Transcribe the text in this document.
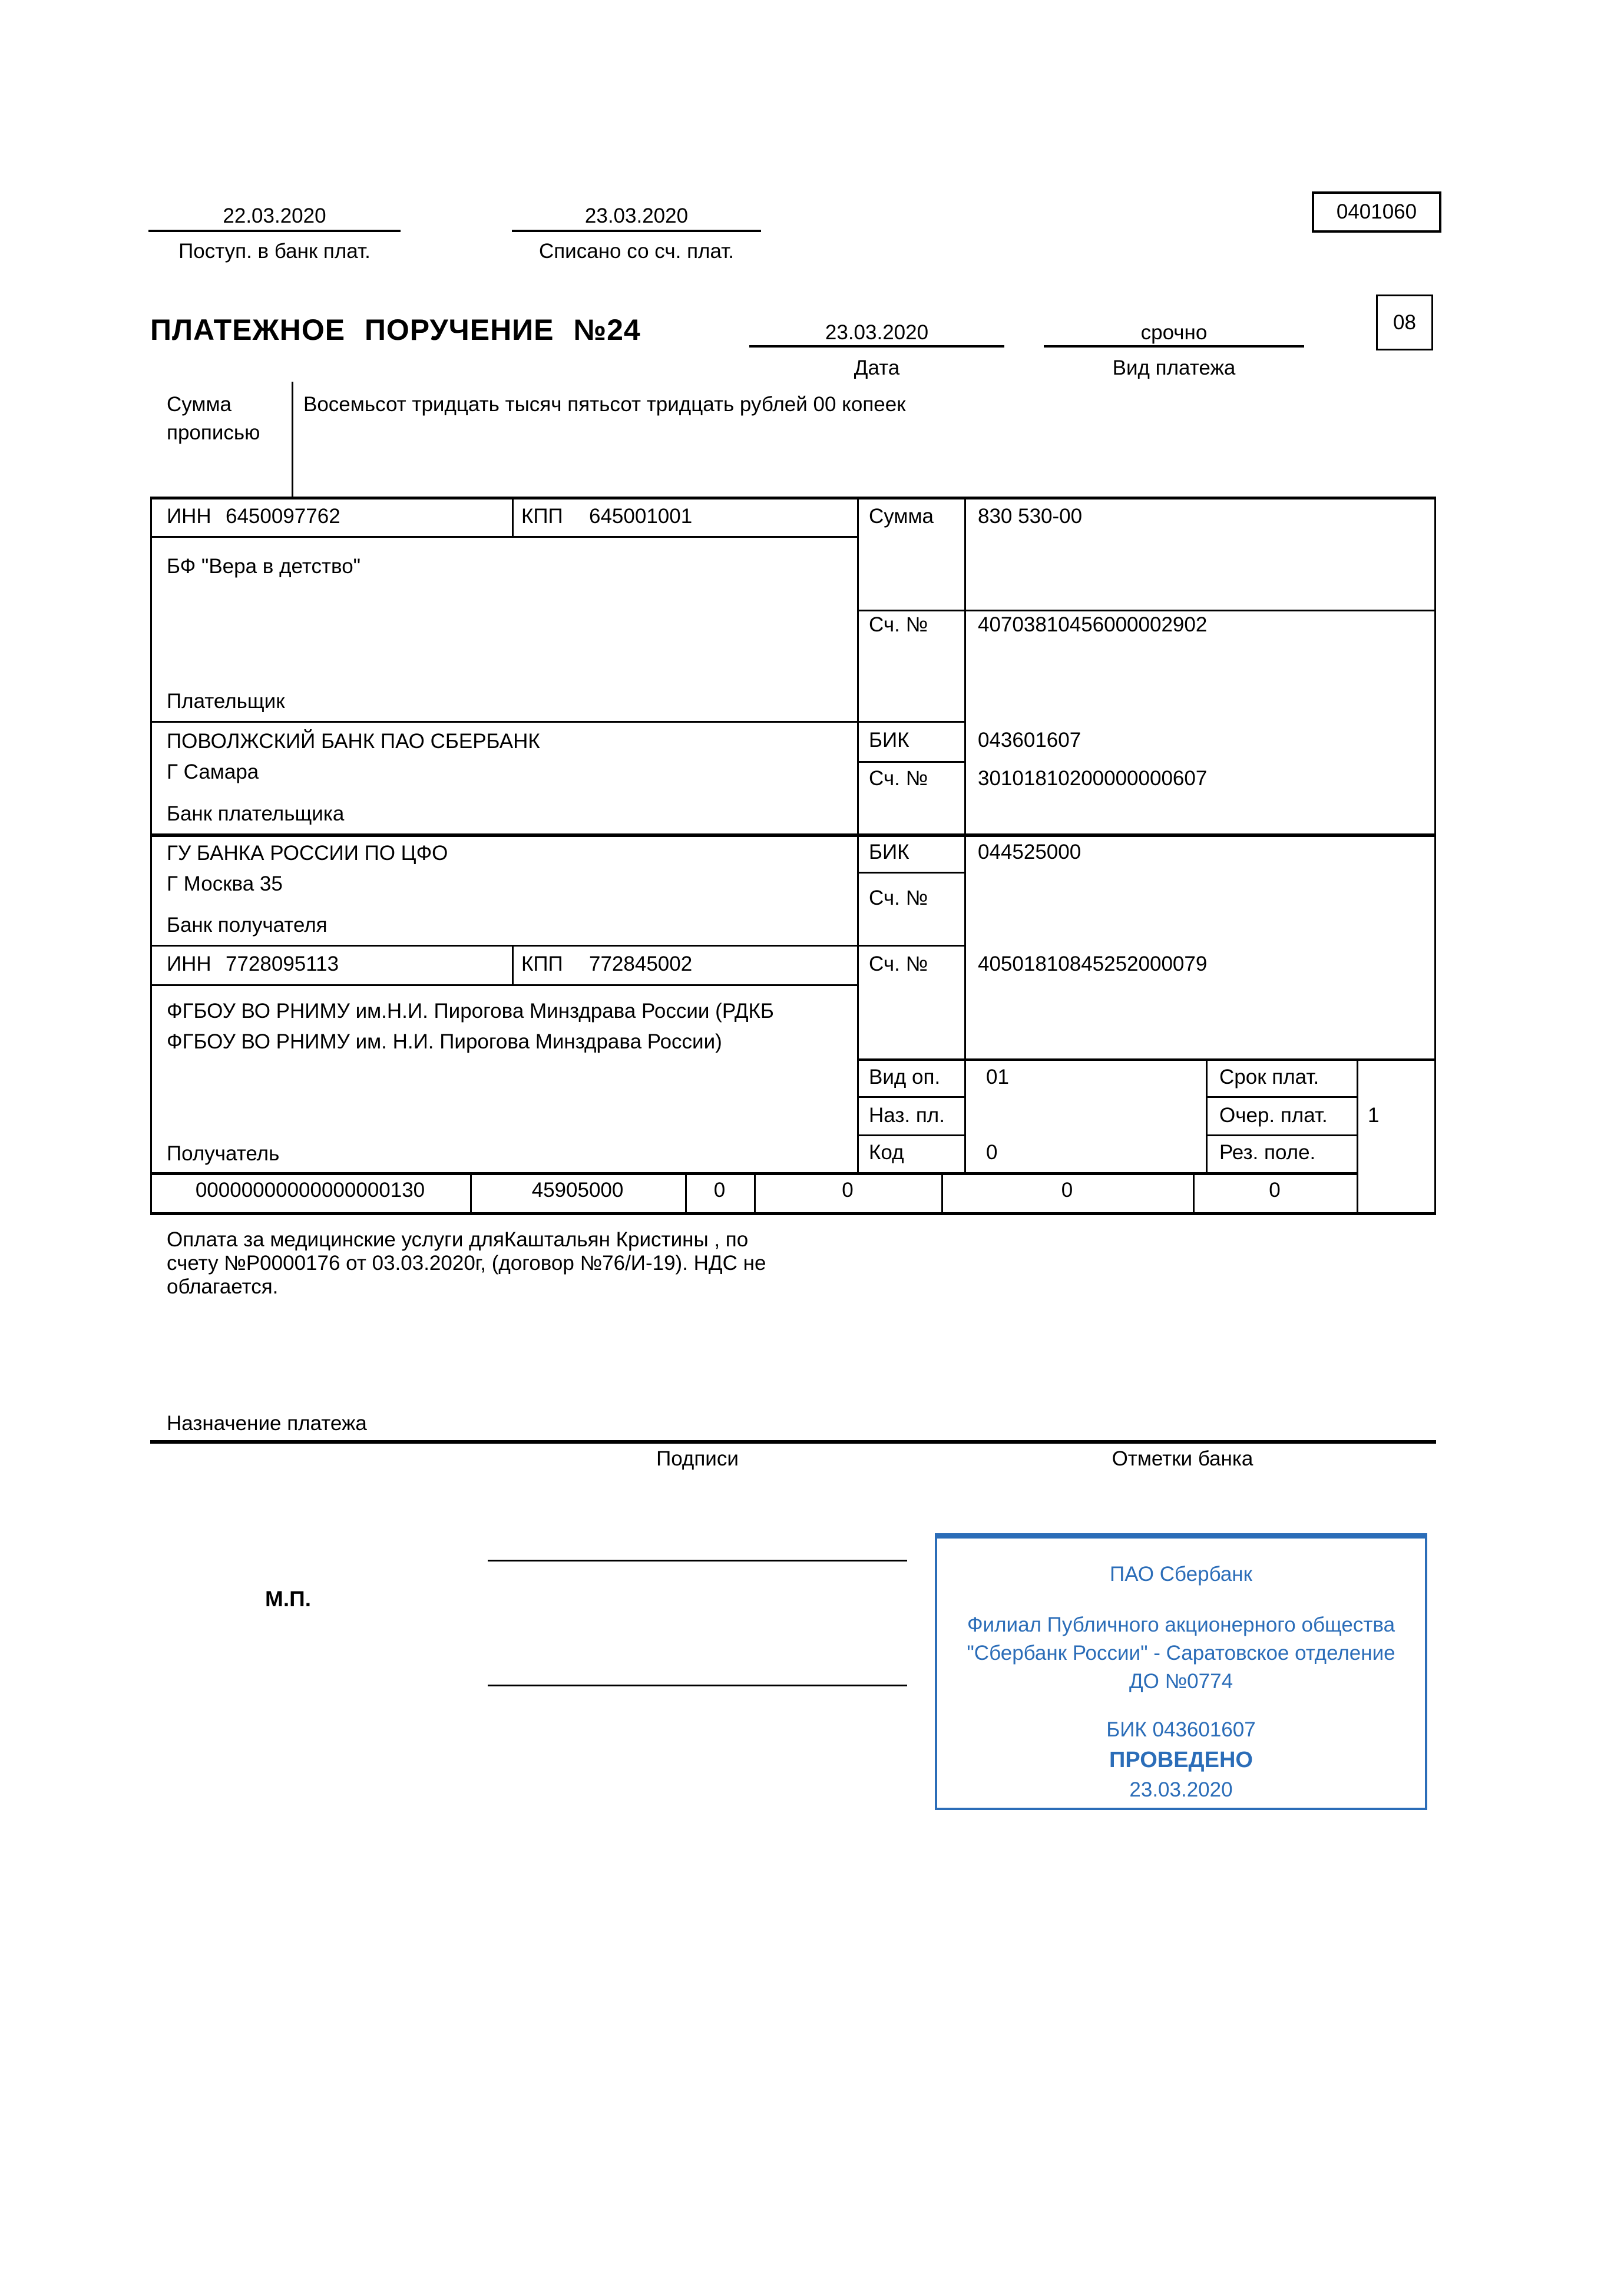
22.03.2020
Поступ. в банк плат.
23.03.2020
Списано со сч. плат.
0401060
ПЛАТЕЖНОЕ ПОРУЧЕНИЕ №24	23.03.2020
Дата
срочно
Вид платежа
08
Сумма
прописью
Восемьсот тридцать тысяч пятьсот тридцать рублей 00 копеек
ИНН 6450097762	КПП 645001001	Сумма 830 530-00
БФ "Вера в детство"
Сч. № 40703810456000002902
Плательщик
ПОВОЛЖСКИЙ БАНК ПАО СБЕРБАНК
Г Самара
БИК	043601607
Сч. № 30101810200000000607
Банк плательщика
ГУ БАНКА РОССИИ ПО ЦФО
Г Москва 35
БИК	044525000
Сч. №
Банк получателя
ИНН 7728095113	КПП 772845002	Сч. № 40501810845252000079
ФГБОУ ВО РНИМУ им.Н.И. Пирогова Минздрава России (РДКБ
ФГБОУ ВО РНИМУ им. Н.И. Пирогова Минздрава России)
Вид оп. 01
Наз. пл.
Код	0
Срок плат.
Очер. плат. 1
Рез. поле.
Получатель
00000000000000000130	45905000	0	0	0	0
Оплата за медицинские услуги дляКаштальян Кристины , по
счету №Р0000176 от 03.03.2020г, (договор №76/И-19). НДС не
облагается.
Назначение платежа
Подписи	Отметки банка
М.П.
ПАО Сбербанк
Филиал Публичного акционерного общества
"Сбербанк России" - Саратовское отделение
ДО №0774
БИК 043601607
ПРОВЕДЕНО
23.03.2020
